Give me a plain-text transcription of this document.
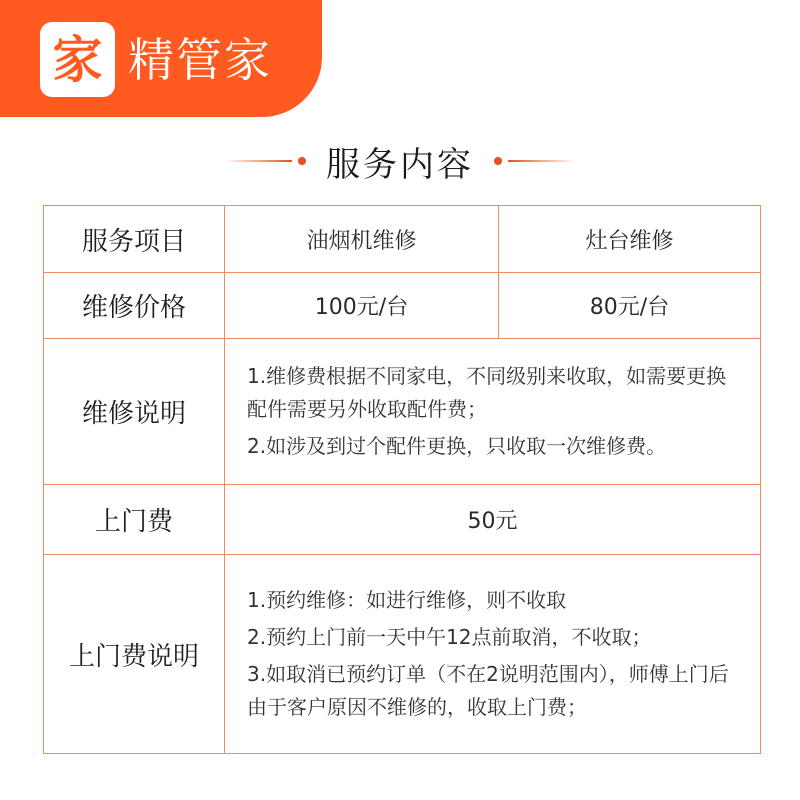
家 精管家
服务内容
服务项目	油烟机维修	灶台维修
维修价格	100元/台	80元/台
维修说明	1.维修费根据不同家电，不同级别来收取，如需要更换配件需要另外收取配件费；
2.如涉及到过个配件更换，只收取一次维修费。	

上门费	50元	
上门费说明	1.预约维修：如进行维修，则不收取
2.预约上门前一天中午12点前取消，不收取；
3.如取消已预约订单（不在2说明范围内），师傅上门后由于客户原因不维修的，收取上门费；	
